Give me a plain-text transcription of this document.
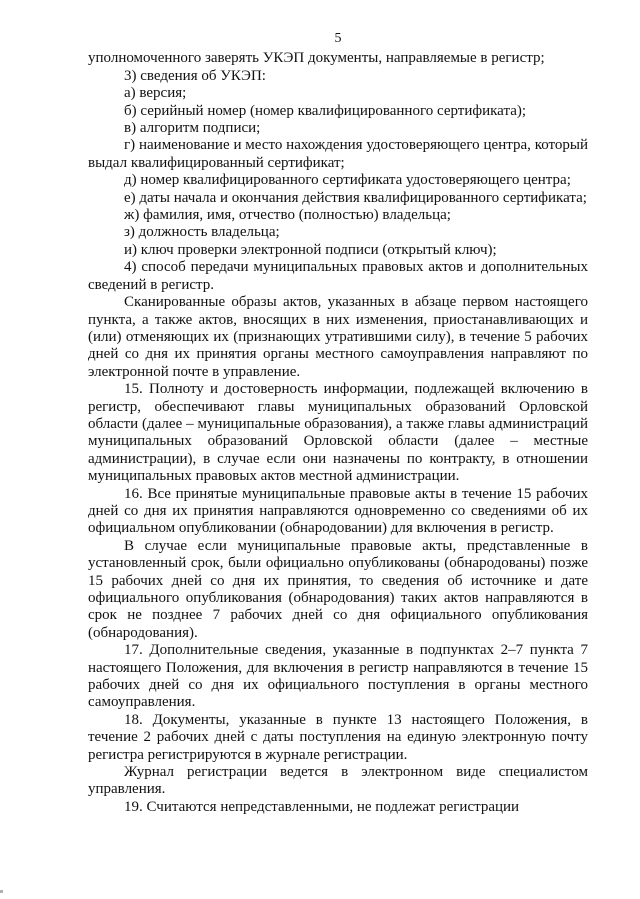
5

уполномоченного заверять УКЭП документы, направляемые в регистр;

3) сведения об УКЭП:

а) версия;

б) серийный номер (номер квалифицированного сертификата);

в) алгоритм подписи;

г) наименование и место нахождения удостоверяющего центра, который выдал квалифицированный сертификат;

д) номер квалифицированного сертификата удостоверяющего центра;

е) даты начала и окончания действия квалифицированного сертификата;

ж) фамилия, имя, отчество (полностью) владельца;

з) должность владельца;

и) ключ проверки электронной подписи (открытый ключ);

4) способ передачи муниципальных правовых актов и дополнительных сведений в регистр.

Сканированные образы актов, указанных в абзаце первом настоящего пункта, а также актов, вносящих в них изменения, приостанавливающих и (или) отменяющих их (признающих утратившими силу), в течение 5 рабочих дней со дня их принятия органы местного самоуправления направляют по электронной почте в управление.

15. Полноту и достоверность информации, подлежащей включению в регистр, обеспечивают главы муниципальных образований Орловской области (далее – муниципальные образования), а также главы администраций муниципальных образований Орловской области (далее – местные администрации), в случае если они назначены по контракту, в отношении муниципальных правовых актов местной администрации.

16. Все принятые муниципальные правовые акты в течение 15 рабочих дней со дня их принятия направляются одновременно со сведениями об их официальном опубликовании (обнародовании) для включения в регистр.

В случае если муниципальные правовые акты, представленные в установленный срок, были официально опубликованы (обнародованы) позже 15 рабочих дней со дня их принятия, то сведения об источнике и дате официального опубликования (обнародования) таких актов направляются в срок не позднее 7 рабочих дней со дня официального опубликования (обнародования).

17. Дополнительные сведения, указанные в подпунктах 2–7 пункта 7 настоящего Положения, для включения в регистр направляются в течение 15 рабочих дней со дня их официального поступления в органы местного самоуправления.

18. Документы, указанные в пункте 13 настоящего Положения, в течение 2 рабочих дней с даты поступления на единую электронную почту регистра регистрируются в журнале регистрации.

Журнал регистрации ведется в электронном виде специалистом управления.

19. Считаются непредставленными, не подлежат регистрации
